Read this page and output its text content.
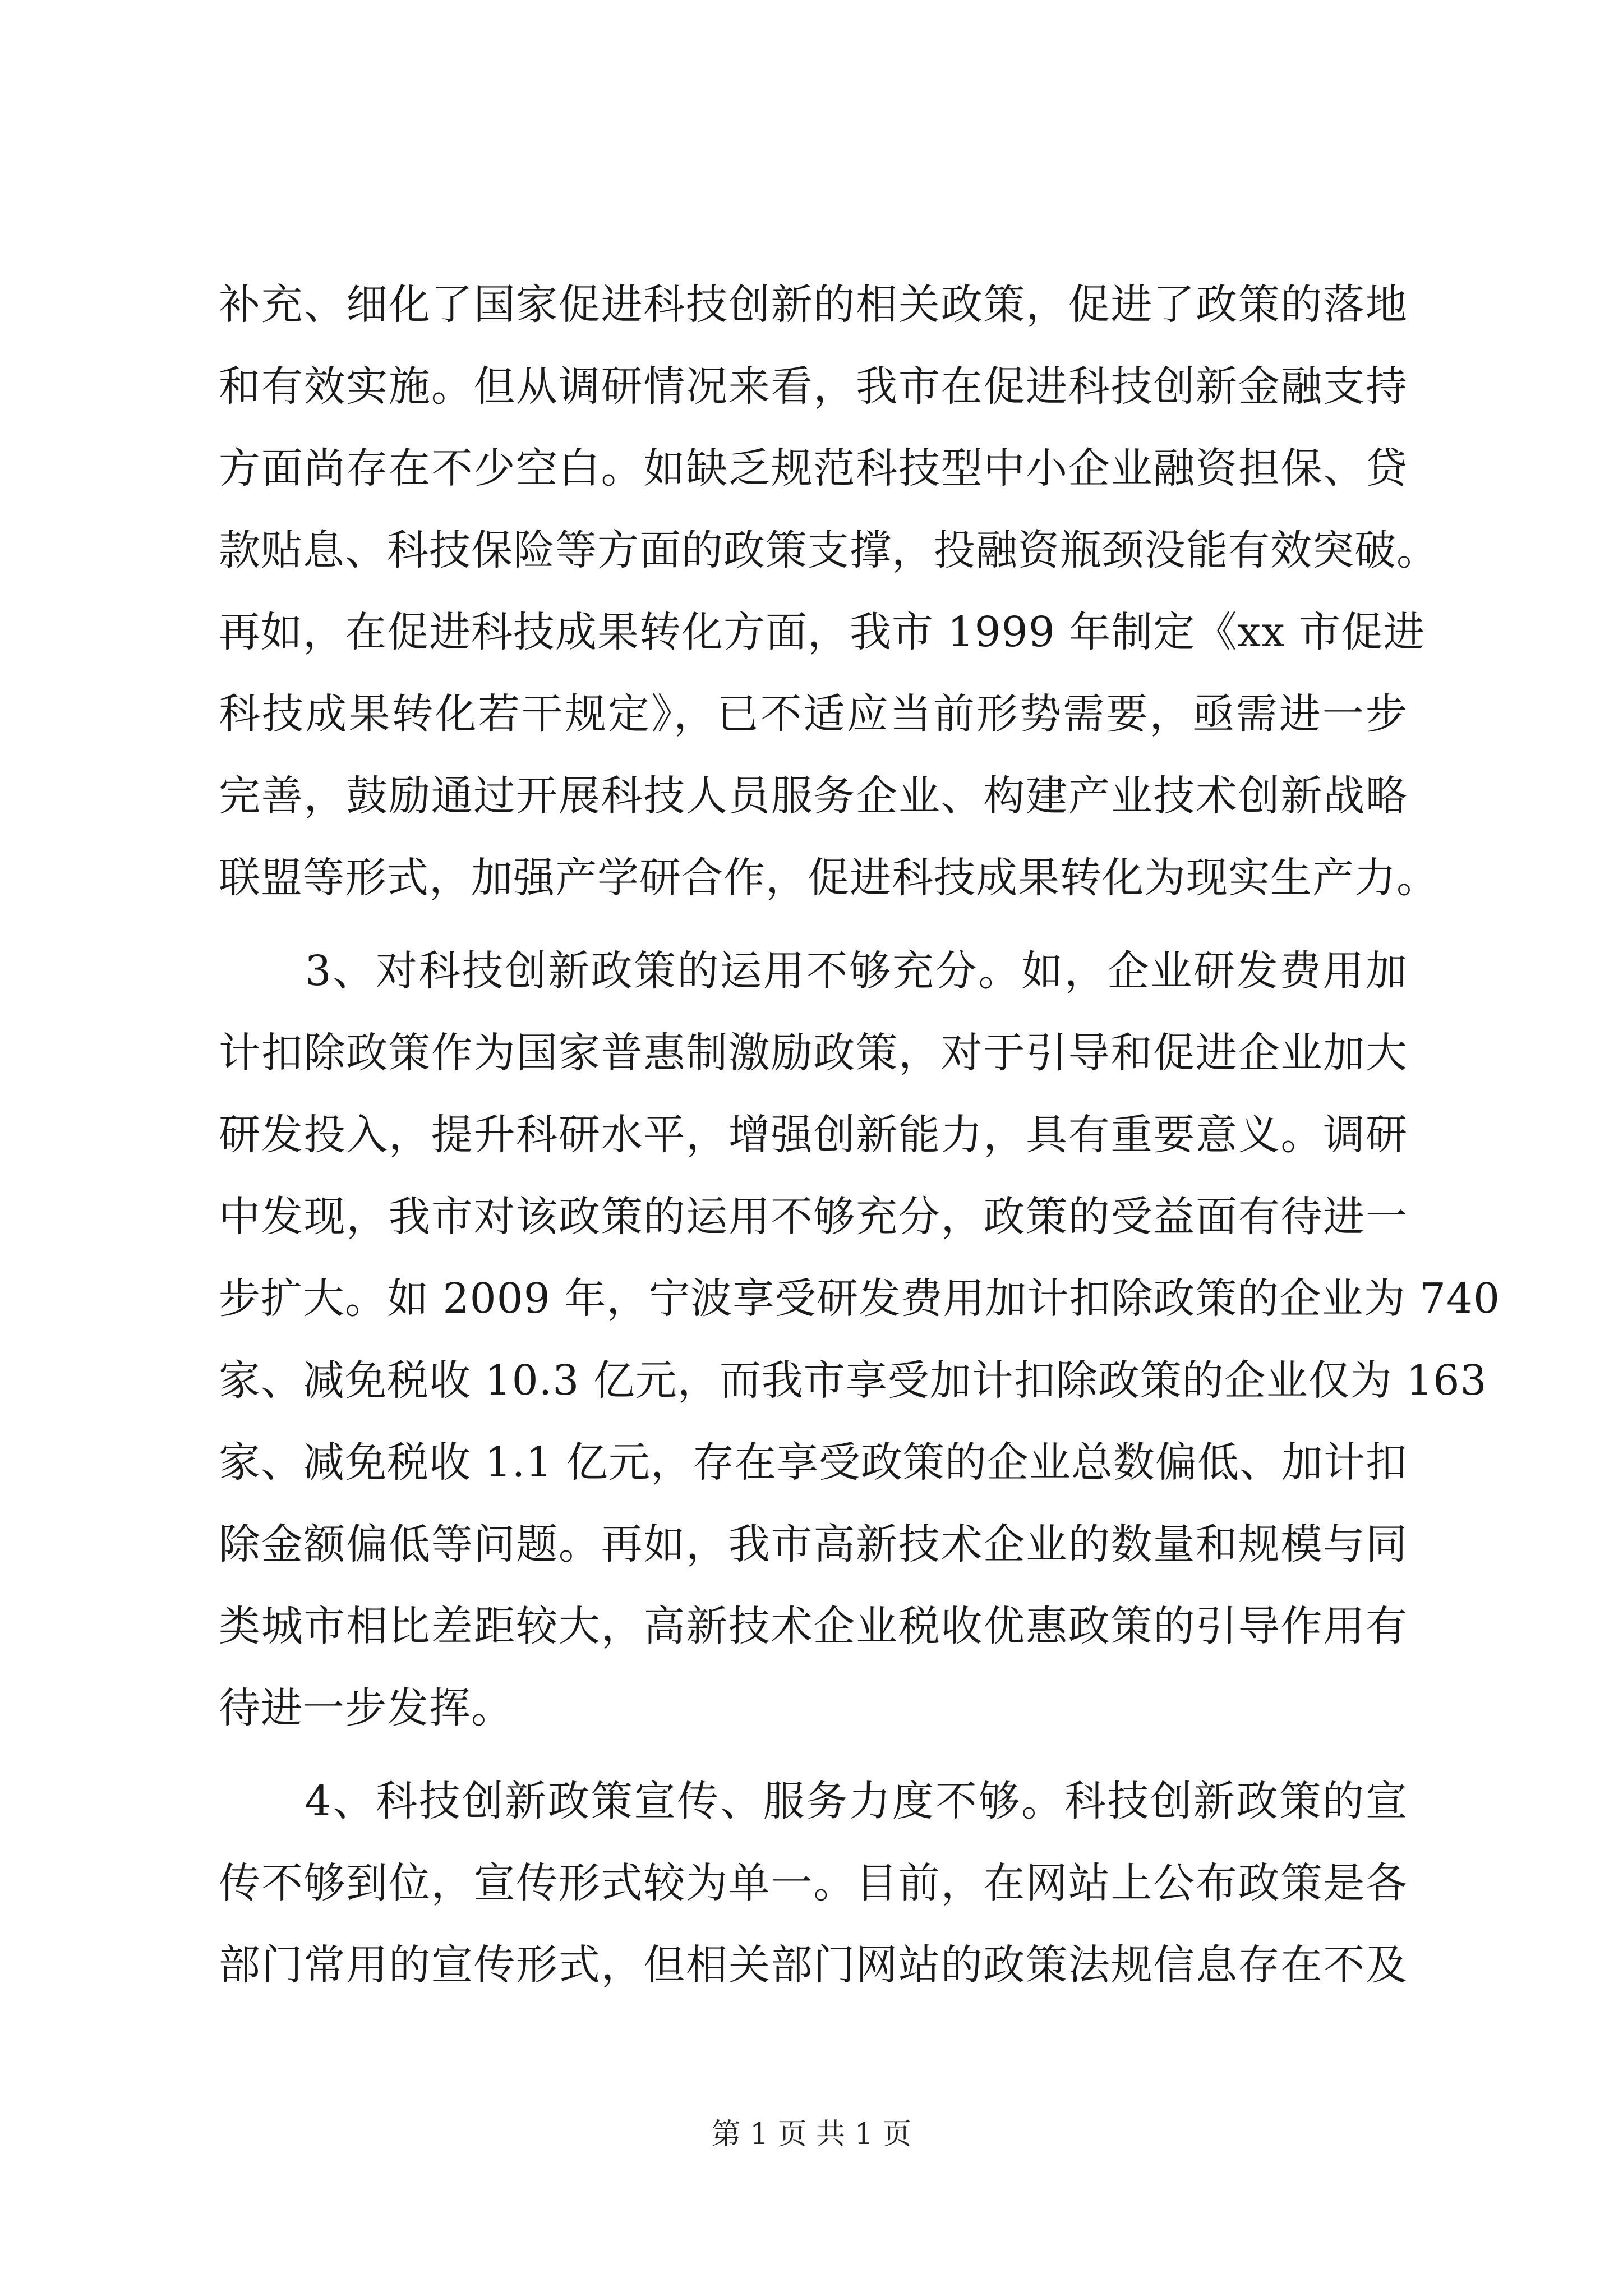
补充、细化了国家促进科技创新的相关政策，促进了政策的落地
和有效实施。但从调研情况来看，我市在促进科技创新金融支持
方面尚存在不少空白。如缺乏规范科技型中小企业融资担保、贷
款贴息、科技保险等方面的政策支撑，投融资瓶颈没能有效突破。
再如，在促进科技成果转化方面，我市 1999 年制定《xx 市促进
科技成果转化若干规定》，已不适应当前形势需要，亟需进一步
完善，鼓励通过开展科技人员服务企业、构建产业技术创新战略
联盟等形式，加强产学研合作，促进科技成果转化为现实生产力。
　　3、对科技创新政策的运用不够充分。如，企业研发费用加
计扣除政策作为国家普惠制激励政策，对于引导和促进企业加大
研发投入，提升科研水平，增强创新能力，具有重要意义。调研
中发现，我市对该政策的运用不够充分，政策的受益面有待进一
步扩大。如 2009 年，宁波享受研发费用加计扣除政策的企业为 740
家、减免税收 10.3 亿元，而我市享受加计扣除政策的企业仅为 163
家、减免税收 1.1 亿元，存在享受政策的企业总数偏低、加计扣
除金额偏低等问题。再如，我市高新技术企业的数量和规模与同
类城市相比差距较大，高新技术企业税收优惠政策的引导作用有
待进一步发挥。
　　4、科技创新政策宣传、服务力度不够。科技创新政策的宣
传不够到位，宣传形式较为单一。目前，在网站上公布政策是各
部门常用的宣传形式，但相关部门网站的政策法规信息存在不及
第 1 页 共 1 页
